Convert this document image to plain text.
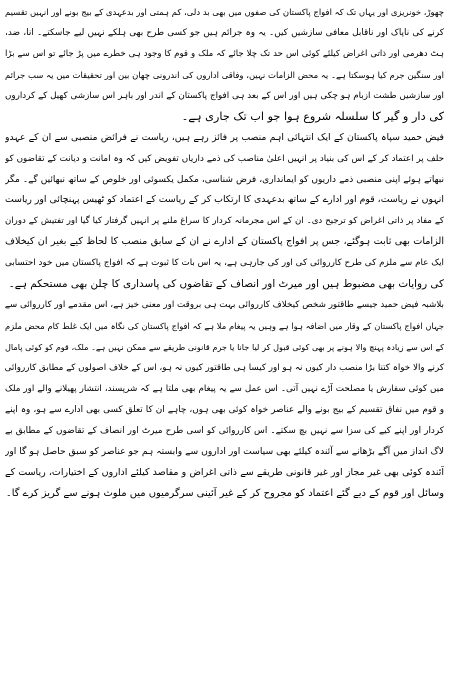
چھوڑ، خونریزی اور یہاں تک کہ افواج پاکستان کی صفوں میں بھی بد دلی، کم ہمتی اور بدعہدی کے بیج بونے اور انہیں تقسیم
کرنے کی ناپاک اور ناقابل معافی سازشیں کیں۔ یہ وہ جرائم ہیں جو کسی طرح بھی ہلکے نہیں لیے جاسکتے۔ انا، ضد،
ہٹ دھرمی اور ذاتی اغراض کیلئے کوئی اس حد تک چلا جائے کہ ملک و قوم کا وجود ہی خطرے میں پڑ جائے تو اس سے بڑا
اور سنگین جرم کیا ہوسکتا ہے۔ یہ محض الزامات نہیں، وفاقی اداروں کی اندرونی چھان بین اور تحقیقات میں یہ سب جرائم
اور سازشیں طشت ازبام ہو چکی ہیں اور اس کے بعد ہی افواج پاکستان کے اندر اور باہر اس سازشی کھیل کے کرداروں
کی دار و گیر کا سلسلہ شروع ہوا جو اب تک جاری ہے۔
فیض حمید سپاہ پاکستان کے ایک انتہائی اہم منصب پر فائز رہے ہیں، ریاست نے فرائض منصبی سے ان کے عہدو
حلف پر اعتماد کر کے اس کی بنیاد پر انہیں اعلیٰ مناصب کی ذمے داریاں تفویض کیں کہ وہ امانت و دیانت کے تقاضوں کو
نبھاتے ہوئے اپنی منصبی ذمے داریوں کو ایمانداری، فرض شناسی، مکمل یکسوئی اور خلوص کے ساتھ نبھائیں گے۔ مگر
انہوں نے ریاست، قوم اور ادارے کے ساتھ بدعہدی کا ارتکاب کر کے ریاست کے اعتماد کو ٹھیس پہنچائی اور ریاست
کے مفاد پر ذاتی اغراض کو ترجیح دی۔ ان کے اس مجرمانہ کردار کا سراغ ملنے پر انہیں گرفتار کیا گیا اور تفتیش کے دوران
الزامات بھی ثابت ہوگئے، جس پر افواج پاکستان کے ادارے نے ان کے سابق منصب کا لحاظ کیے بغیر ان کیخلاف
ایک عام سے ملزم کی طرح کارروائی کی اور کی جارہی ہے، یہ اس بات کا ثبوت ہے کہ افواج پاکستان میں خود احتسابی
کی روایات بھی مضبوط ہیں اور میرٹ اور انصاف کے تقاضوں کی پاسداری کا چلن بھی مستحکم ہے۔
بلاشبہ فیض حمید جیسے طاقتور شخص کیخلاف کارروائی بہت ہی بروقت اور معنی خیز ہے، اس مقدمے اور کارروائی سے
جہاں افواج پاکستان کے وقار میں اضافہ ہوا ہے وہیں یہ پیغام ملا ہے کہ افواج پاکستان کی نگاہ میں ایک غلط کام محض ملزم
کے اس سے زیادہ پہنچ والا ہونے پر بھی کوئی قبول کر لیا جانا یا جرم قانونی طریقے سے ممکن نہیں ہے۔ ملک، قوم کو کوئی پامال
کرنے والا خواہ کتنا بڑا منصب دار کیوں نہ ہو اور کیسا ہی طاقتور کیوں نہ ہو، اس کے خلاف اصولوں کے مطابق کارروائی
میں کوئی سفارش یا مصلحت آڑے نہیں آتی۔ اس عمل سے یہ پیغام بھی ملتا ہے کہ شرپسند، انتشار پھیلانے والے اور ملک
و قوم میں نفاق تقسیم کے بیج بونے والے عناصر خواہ کوئی بھی ہوں، چاہے ان کا تعلق کسی بھی ادارے سے ہو، وہ اپنے
کردار اور اپنے کیے کی سزا سے نہیں بچ سکتے۔ اس کارروائی کو اسی طرح میرٹ اور انصاف کے تقاضوں کے مطابق بے
لاگ انداز میں آگے بڑھانے سے آئندہ کیلئے بھی سیاست اور اداروں سے وابستہ ہم جو عناصر کو سبق حاصل ہو گا اور
آئندہ کوئی بھی غیر مجاز اور غیر قانونی طریقے سے ذاتی اغراض و مقاصد کیلئے اداروں کے اختیارات، ریاست کے
وسائل اور قوم کے دیے گئے اعتماد کو مجروح کر کے غیر آئینی سرگرمیوں میں ملوث ہونے سے گریز کرے گا۔
